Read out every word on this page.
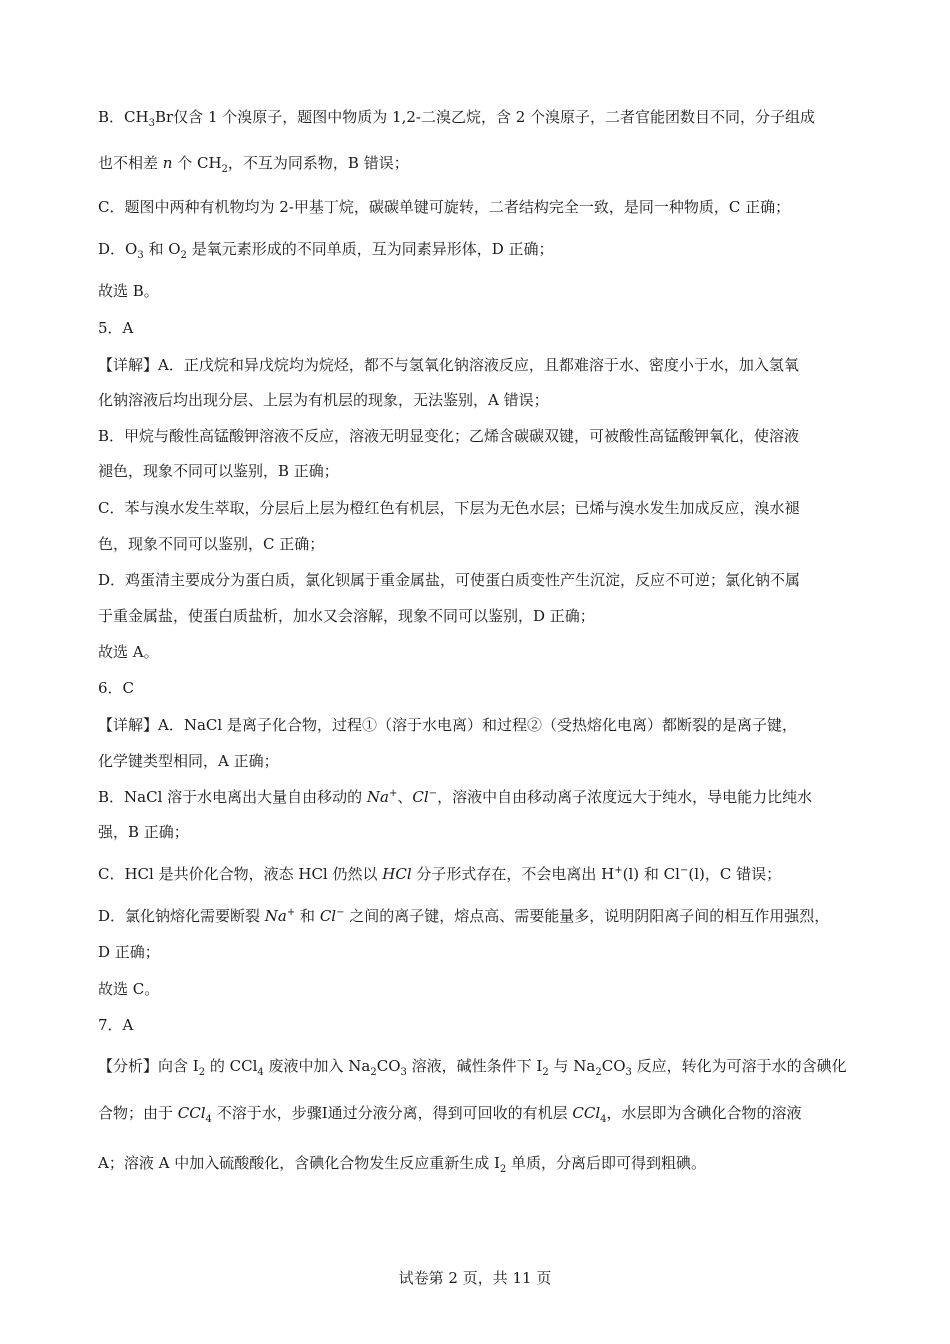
B．$CH_3Br$仅含 1 个溴原子，题图中物质为 1,2-二溴乙烷，含 2 个溴原子，二者官能团数目不同，分子组成
也不相差 n 个 $CH_2$，不互为同系物，B 错误；
C．题图中两种有机物均为 2-甲基丁烷，碳碳单键可旋转，二者结构完全一致，是同一种物质，C 正确；
D．$O_3$ 和 $O_2$ 是氧元素形成的不同单质，互为同素异形体，D 正确；
故选 B。
5．A
【详解】A．正戊烷和异戊烷均为烷烃，都不与氢氧化钠溶液反应，且都难溶于水、密度小于水，加入氢氧
化钠溶液后均出现分层、上层为有机层的现象，无法鉴别，A 错误；
B．甲烷与酸性高锰酸钾溶液不反应，溶液无明显变化；乙烯含碳碳双键，可被酸性高锰酸钾氧化，使溶液
褪色，现象不同可以鉴别，B 正确；
C．苯与溴水发生萃取，分层后上层为橙红色有机层，下层为无色水层；已烯与溴水发生加成反应，溴水褪
色，现象不同可以鉴别，C 正确；
D．鸡蛋清主要成分为蛋白质，氯化钡属于重金属盐，可使蛋白质变性产生沉淀，反应不可逆；氯化钠不属
于重金属盐，使蛋白质盐析，加水又会溶解，现象不同可以鉴别，D 正确；
故选 A。
6．C
【详解】A．NaCl 是离子化合物，过程①（溶于水电离）和过程②（受热熔化电离）都断裂的是离子键，
化学键类型相同，A 正确；
B．NaCl 溶于水电离出大量自由移动的 Na+、Cl−，溶液中自由移动离子浓度远大于纯水，导电能力比纯水
强，B 正确；
C．HCl 是共价化合物，液态 HCl 仍然以 HCl 分子形式存在，不会电离出 H+(l) 和 Cl−(l)，C 错误；
D．氯化钠熔化需要断裂 Na+ 和 Cl− 之间的离子键，熔点高、需要能量多，说明阴阳离子间的相互作用强烈，
D 正确；
故选 C。
7．A
【分析】向含 $I_2$ 的 CCl$_4$ 废液中加入 $Na_2CO_3$ 溶液，碱性条件下 $I_2$ 与 $Na_2CO_3$ 反应，转化为可溶于水的含碘化
合物；由于 CCl$_4$ 不溶于水，步骤Ⅰ通过分液分离，得到可回收的有机层 CCl$_4$，水层即为含碘化合物的溶液
A；溶液 A 中加入硫酸酸化，含碘化合物发生反应重新生成 $I_2$ 单质，分离后即可得到粗碘。
试卷第 2 页，共 11 页
